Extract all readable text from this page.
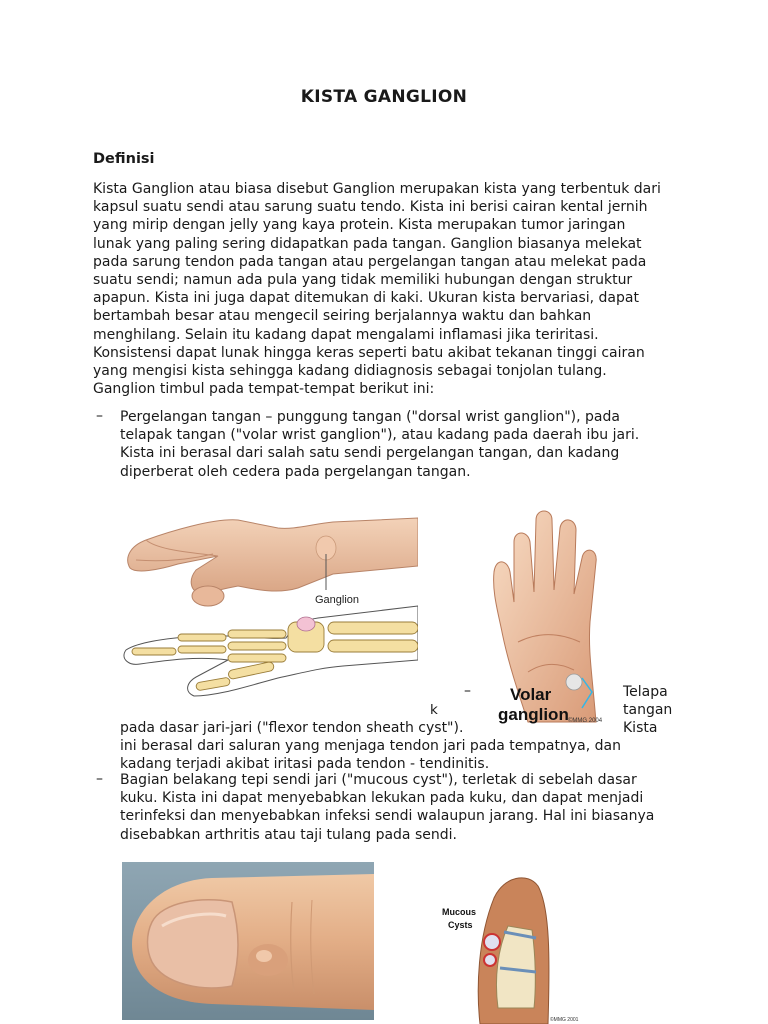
KISTA GANGLION
Definisi
Kista Ganglion atau biasa disebut Ganglion merupakan kista yang terbentuk dari
kapsul suatu sendi atau sarung suatu tendo. Kista ini berisi cairan kental jernih
yang mirip dengan jelly yang kaya protein. Kista merupakan tumor jaringan
lunak yang paling sering didapatkan pada tangan. Ganglion biasanya melekat
pada sarung tendon pada tangan atau pergelangan tangan atau melekat pada
suatu sendi; namun ada pula yang tidak memiliki hubungan dengan struktur
apapun. Kista ini juga dapat ditemukan di kaki. Ukuran kista bervariasi, dapat
bertambah besar atau mengecil seiring berjalannya waktu dan bahkan
menghilang. Selain itu kadang dapat mengalami inflamasi jika teriritasi.
Konsistensi dapat lunak hingga keras seperti batu akibat tekanan tinggi cairan
yang mengisi kista sehingga kadang didiagnosis sebagai tonjolan tulang.
Ganglion timbul pada tempat-tempat berikut ini:
– Pergelangan tangan – punggung tangan ("dorsal wrist ganglion"), pada
telapak tangan ("volar wrist ganglion"), atau kadang pada daerah ibu jari.
Kista ini berasal dari salah satu sendi pergelangan tangan, dan kadang
diperberat oleh cedera pada pergelangan tangan.
Ganglion
Volar
ganglion ©MMG 2004
–
k
Telapa
tangan
Kista
pada dasar jari-jari ("flexor tendon sheath cyst").
ini berasal dari saluran yang menjaga tendon jari pada tempatnya, dan
kadang terjadi akibat iritasi pada tendon - tendinitis.
– Bagian belakang tepi sendi jari ("mucous cyst"), terletak di sebelah dasar
kuku. Kista ini dapat menyebabkan lekukan pada kuku, dan dapat menjadi
terinfeksi dan menyebabkan infeksi sendi walaupun jarang. Hal ini biasanya
disebabkan arthritis atau taji tulang pada sendi.
Mucous
Cysts
©MMG 2001
